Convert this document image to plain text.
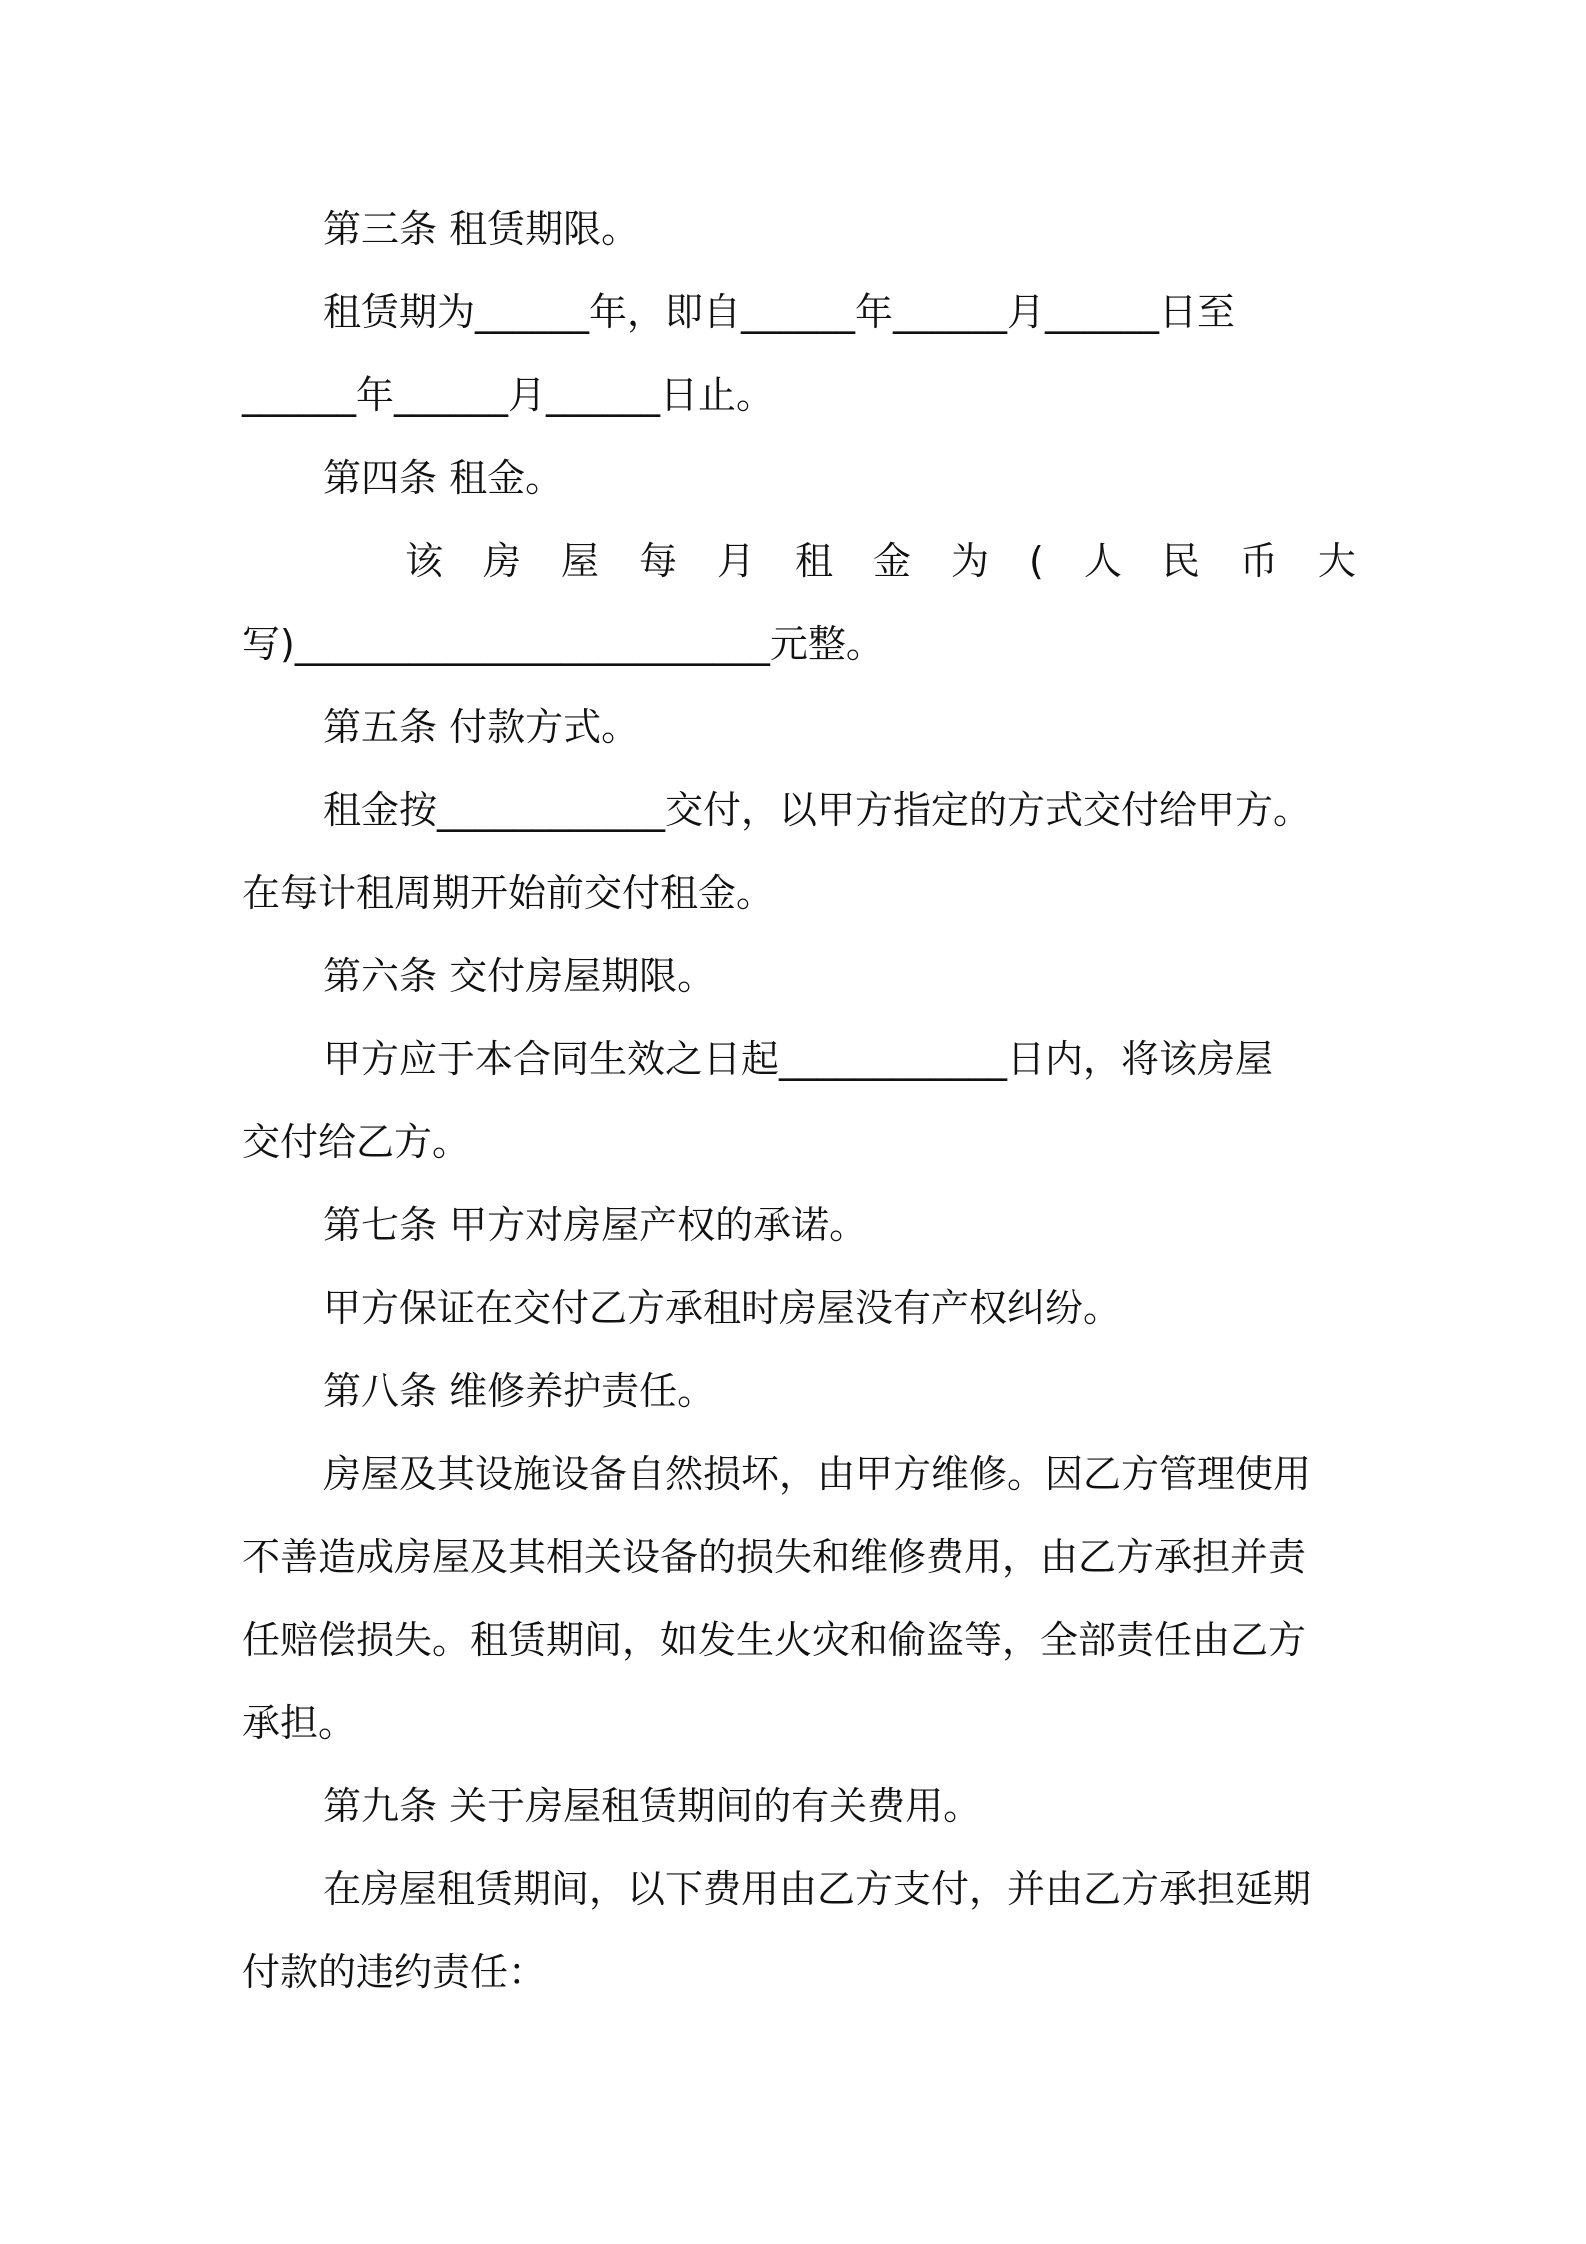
第三条 租赁期限。
租赁期为______年，即自______年______月______日至
______年______月______日止。
第四条 租金。
该房屋每月租金为(人民币大
写)_________________________元整。
第五条 付款方式。
租金按____________交付，以甲方指定的方式交付给甲方。
在每计租周期开始前交付租金。
第六条 交付房屋期限。
甲方应于本合同生效之日起____________日内，将该房屋
交付给乙方。
第七条 甲方对房屋产权的承诺。
甲方保证在交付乙方承租时房屋没有产权纠纷。
第八条 维修养护责任。
房屋及其设施设备自然损坏，由甲方维修。因乙方管理使用
不善造成房屋及其相关设备的损失和维修费用，由乙方承担并责
任赔偿损失。租赁期间，如发生火灾和偷盗等，全部责任由乙方
承担。
第九条 关于房屋租赁期间的有关费用。
在房屋租赁期间，以下费用由乙方支付，并由乙方承担延期
付款的违约责任：
